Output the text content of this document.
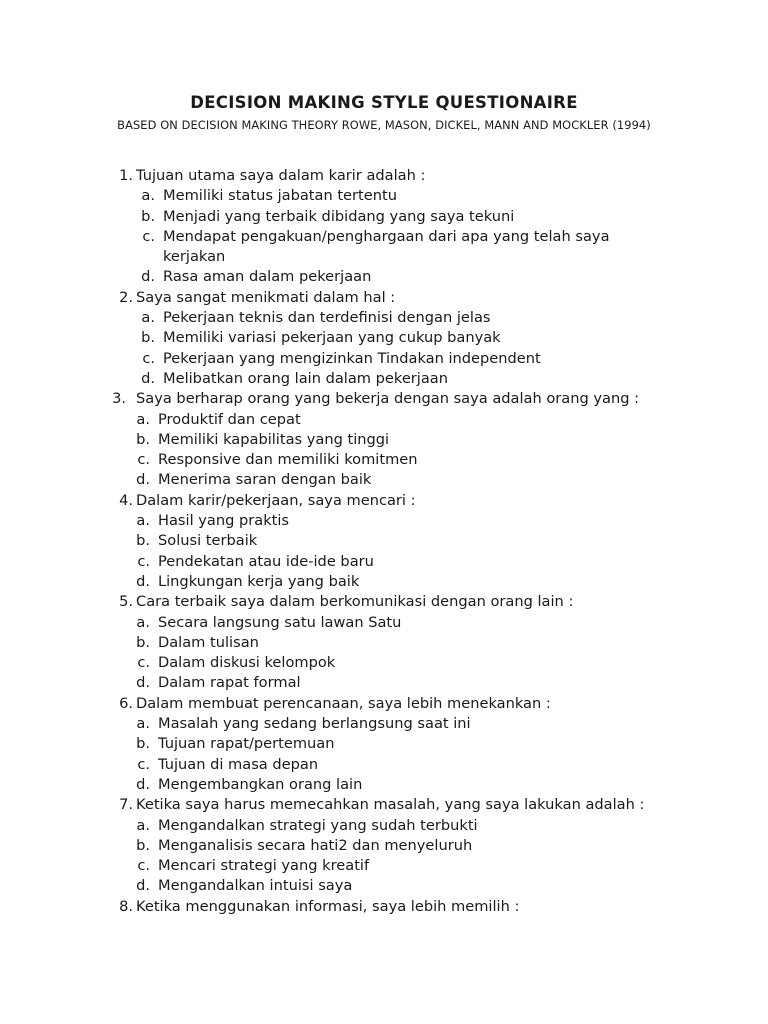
DECISION MAKING STYLE QUESTIONAIRE
BASED ON DECISION MAKING THEORY ROWE, MASON, DICKEL, MANN AND MOCKLER (1994)
1. Tujuan utama saya dalam karir adalah :
a. Memiliki status jabatan tertentu
b. Menjadi yang terbaik dibidang yang saya tekuni
c. Mendapat pengakuan/penghargaan dari apa yang telah saya
kerjakan
d. Rasa aman dalam pekerjaan
2. Saya sangat menikmati dalam hal :
a. Pekerjaan teknis dan terdefinisi dengan jelas
b. Memiliki variasi pekerjaan yang cukup banyak
c. Pekerjaan yang mengizinkan Tindakan independent
d. Melibatkan orang lain dalam pekerjaan
3. Saya berharap orang yang bekerja dengan saya adalah orang yang :
a. Produktif dan cepat
b. Memiliki kapabilitas yang tinggi
c. Responsive dan memiliki komitmen
d. Menerima saran dengan baik
4. Dalam karir/pekerjaan, saya mencari :
a. Hasil yang praktis
b. Solusi terbaik
c. Pendekatan atau ide-ide baru
d. Lingkungan kerja yang baik
5. Cara terbaik saya dalam berkomunikasi dengan orang lain :
a. Secara langsung satu lawan Satu
b. Dalam tulisan
c. Dalam diskusi kelompok
d. Dalam rapat formal
6. Dalam membuat perencanaan, saya lebih menekankan :
a. Masalah yang sedang berlangsung saat ini
b. Tujuan rapat/pertemuan
c. Tujuan di masa depan
d. Mengembangkan orang lain
7. Ketika saya harus memecahkan masalah, yang saya lakukan adalah :
a. Mengandalkan strategi yang sudah terbukti
b. Menganalisis secara hati2 dan menyeluruh
c. Mencari strategi yang kreatif
d. Mengandalkan intuisi saya
8. Ketika menggunakan informasi, saya lebih memilih :
